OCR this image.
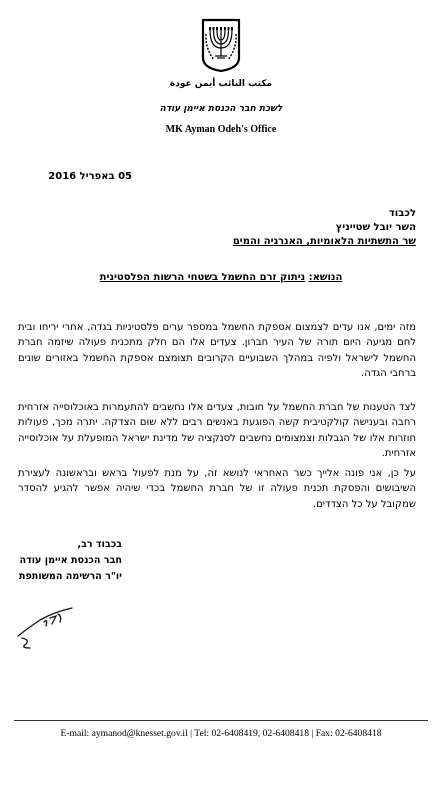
مكتب النائب أيمن عودة
לשכת חבר הכנסת איימן עודה
MK Ayman Odeh's Office
05 באפריל 2016
לכבוד
השר יובל שטייניץ
שר התשתיות הלאומיות, האנרגיה והמים
הנושא: ניתוק זרם החשמל בשטחי הרשות הפלסטינית
מזה ימים, אנו עדים לצמצום אספקת החשמל במספר ערים פלסטיניות בגדה, אחרי יריחו ובית לחם מגיעה היום תורה של העיר חברון. צעדים אלו הם חלק מתכנית פעולה שיזמה חברת החשמל לישראל ולפיה במהלך השבועיים הקרובים תצומצם אספקת החשמל באזורים שונים ברחבי הגדה.
לצד הטענות של חברת החשמל על חובות, צעדים אלו נחשבים להתעמרות באוכלוסייה אזרחית רחבה ובענישה קולקטיבית קשה הפוגעת באנשים רבים ללא שום הצדקה. יתרה מכך, פעולות חוזרות אלו של הגבלות וצמצומים נחשבים לסנקציה של מדינת ישראל המופעלת על אוכלוסייה אזרחית.
על כן, אני פונה אלייך כשר האחראי לנושא זה, על מנת לפעול בראש ובראשונה לעצירת השיבושים והפסקת תכנית פעולה זו של חברת החשמל בכדי שיהיה אפשר להגיע להסדר שמקובל על כל הצדדים.
בכבוד רב,
חבר הכנסת איימן עודה
יו"ר הרשימה המשותפת
E-mail: aymanod@knesset.gov.il | Tel: 02-6408419, 02-6408418 | Fax: 02-6408418
